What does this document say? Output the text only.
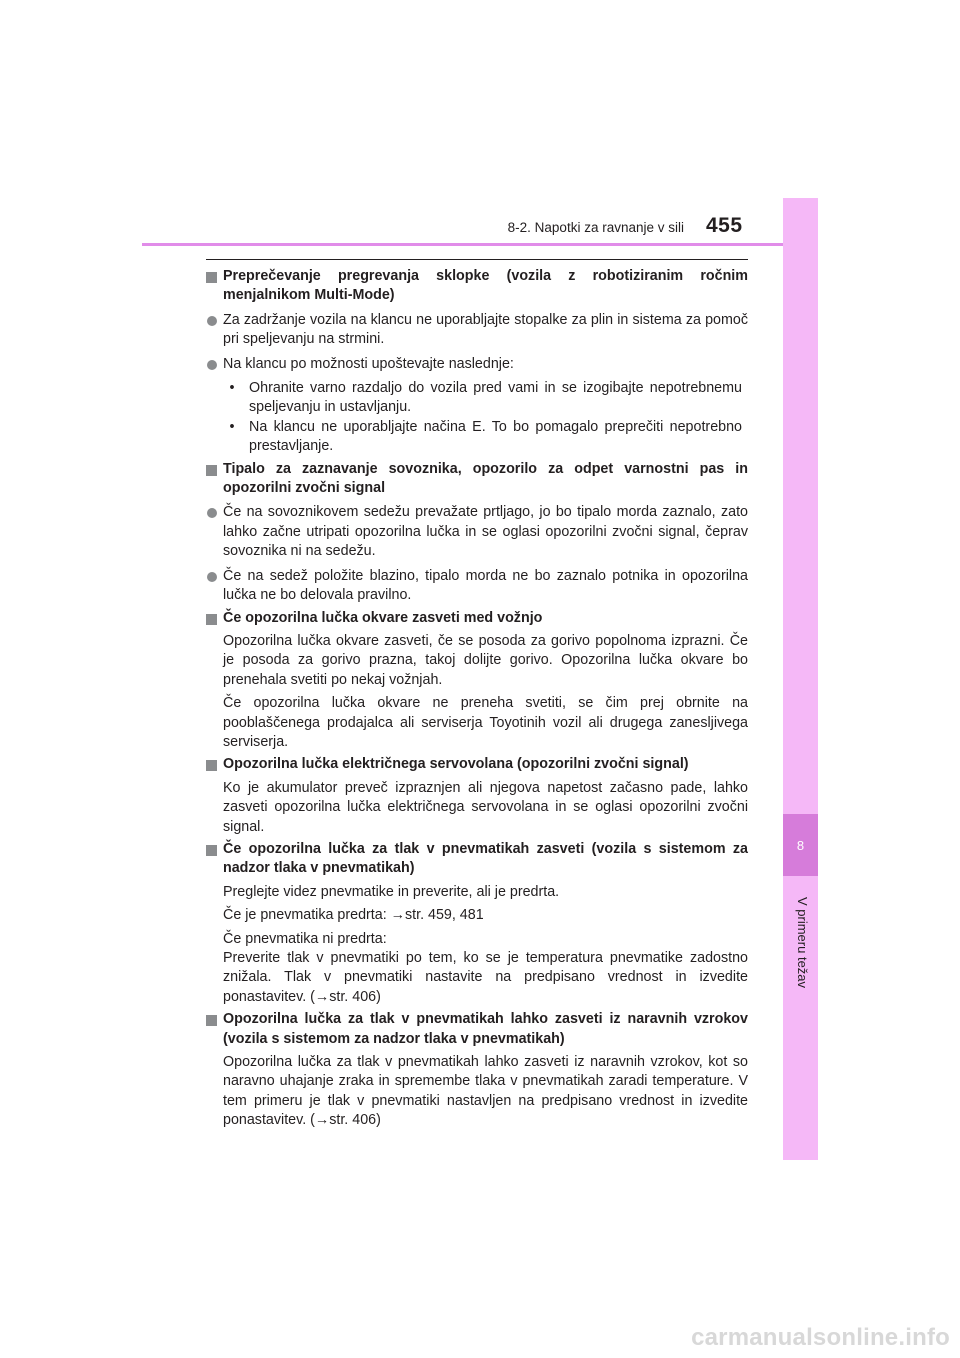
8-2. Napotki za ravnanje v sili 455
8
V primeru težav
Preprečevanje pregrevanja sklopke (vozila z robotiziranim ročnim menjalnikom Multi-Mode)
Za zadržanje vozila na klancu ne uporabljajte stopalke za plin in sistema za pomoč pri speljevanju na strmini.
Na klancu po možnosti upoštevajte naslednje:
•	Ohranite varno razdaljo do vozila pred vami in se izogibajte nepotrebnemu speljevanju in ustavljanju.
•	Na klancu ne uporabljajte načina E. To bo pomagalo preprečiti nepotrebno prestavljanje.
Tipalo za zaznavanje sovoznika, opozorilo za odpet varnostni pas in opozorilni zvočni signal
Če na sovoznikovem sedežu prevažate prtljago, jo bo tipalo morda zaznalo, zato lahko začne utripati opozorilna lučka in se oglasi opozorilni zvočni signal, čeprav sovoznika ni na sedežu.
Če na sedež položite blazino, tipalo morda ne bo zaznalo potnika in opozorilna lučka ne bo delovala pravilno.
Če opozorilna lučka okvare zasveti med vožnjo
Opozorilna lučka okvare zasveti, če se posoda za gorivo popolnoma izprazni. Če je posoda za gorivo prazna, takoj dolijte gorivo. Opozorilna lučka okvare bo prenehala svetiti po nekaj vožnjah.
Če opozorilna lučka okvare ne preneha svetiti, se čim prej obrnite na pooblaščenega prodajalca ali serviserja Toyotinih vozil ali drugega zanesljivega serviserja.
Opozorilna lučka električnega servovolana (opozorilni zvočni signal)
Ko je akumulator preveč izpraznjen ali njegova napetost začasno pade, lahko zasveti opozorilna lučka električnega servovolana in se oglasi opozorilni zvočni signal.
Če opozorilna lučka za tlak v pnevmatikah zasveti (vozila s sistemom za nadzor tlaka v pnevmatikah)
Preglejte videz pnevmatike in preverite, ali je predrta.
Če je pnevmatika predrta: →str. 459, 481
Če pnevmatika ni predrta:
Preverite tlak v pnevmatiki po tem, ko se je temperatura pnevmatike zadostno znižala. Tlak v pnevmatiki nastavite na predpisano vrednost in izvedite ponastavitev. (→str. 406)
Opozorilna lučka za tlak v pnevmatikah lahko zasveti iz naravnih vzrokov (vozila s sistemom za nadzor tlaka v pnevmatikah)
Opozorilna lučka za tlak v pnevmatikah lahko zasveti iz naravnih vzrokov, kot so naravno uhajanje zraka in spremembe tlaka v pnevmatikah zaradi temperature. V tem primeru je tlak v pnevmatiki nastavljen na predpisano vrednost in izvedite ponastavitev. (→str. 406)
carmanualsonline.info
